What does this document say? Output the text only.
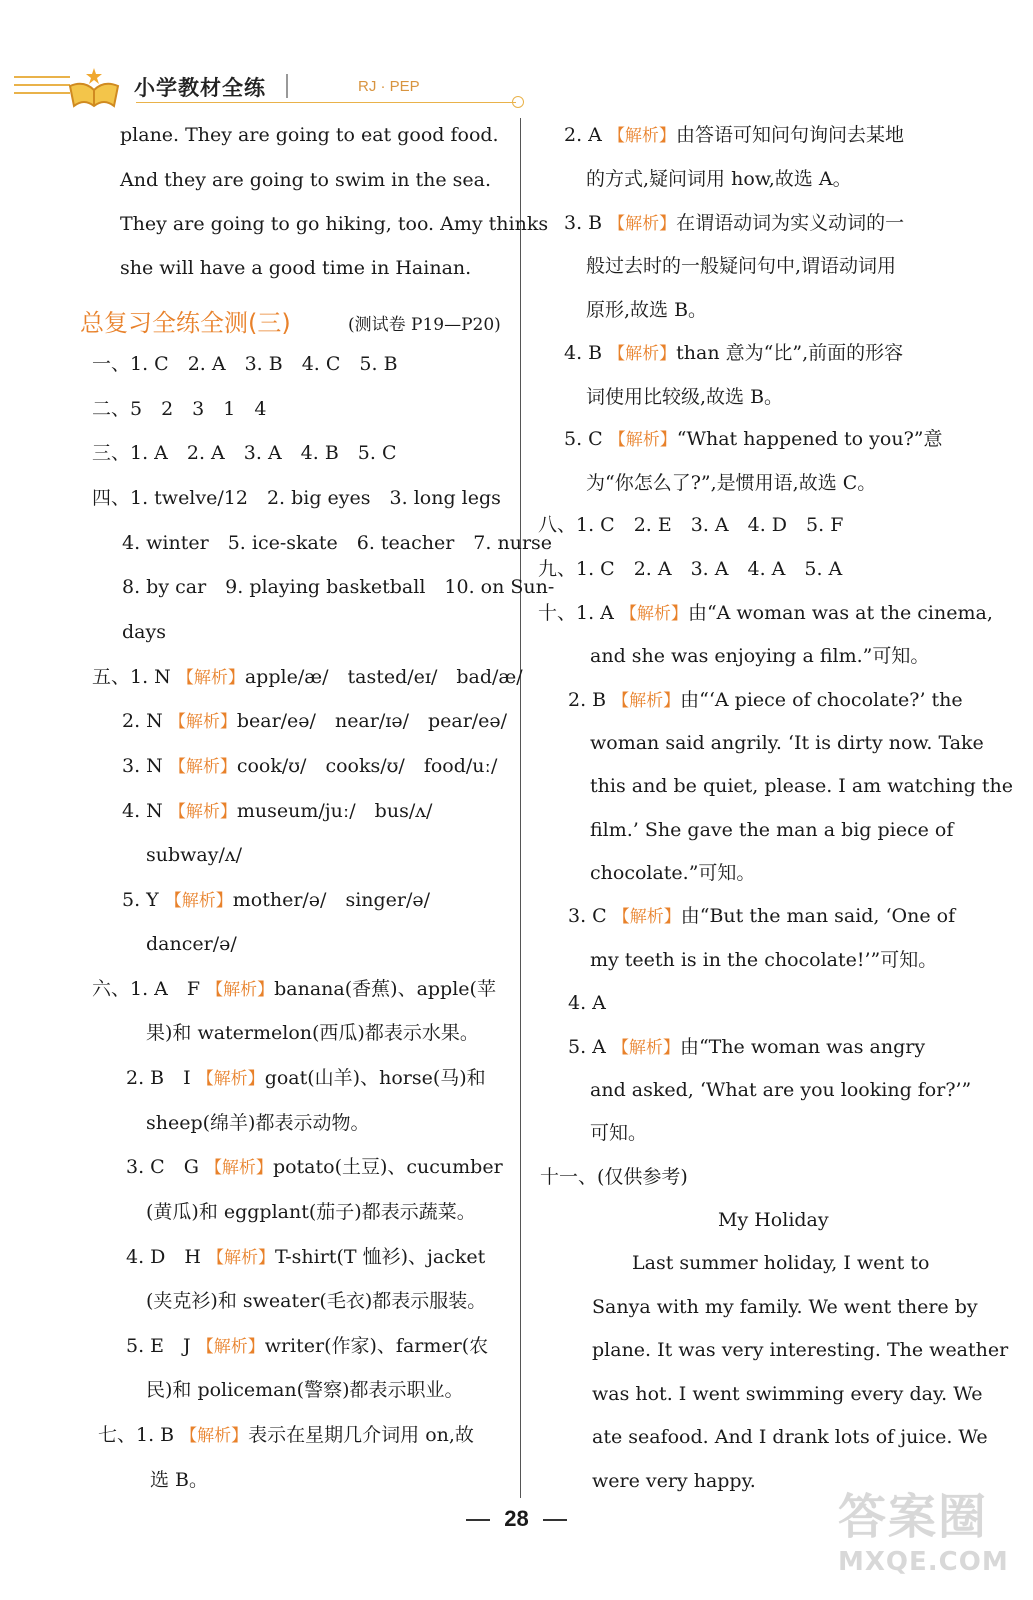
小学教材全练	RJ · PEP
总复习全练全测(三)	(测试卷 P19—P20)
plane. They are going to eat good food.
And they are going to swim in the sea.
They are going to go hiking, too. Amy thinks
she will have a good time in Hainan.
一、1. C　2. A　3. B　4. C　5. B
二、5　2　3　1　4
三、1. A　2. A　3. A　4. B　5. C
四、1. twelve/12　2. big eyes　3. long legs
4. winter　5. ice-skate　6. teacher　7. nurse
8. by car　9. playing basketball　10. on Sun-
days
五、1. N 【解析】apple/æ/　tasted/eɪ/　bad/æ/
2. N 【解析】bear/eə/　near/ɪə/　pear/eə/
3. N 【解析】cook/ʊ/　cooks/ʊ/　food/uː/
4. N 【解析】museum/juː/　bus/ʌ/
subway/ʌ/
5. Y 【解析】mother/ə/　singer/ə/
dancer/ə/
六、1. A　F 【解析】banana(香蕉)、apple(苹
果)和 watermelon(西瓜)都表示水果。
2. B　I 【解析】goat(山羊)、horse(马)和
sheep(绵羊)都表示动物。
3. C　G 【解析】potato(土豆)、cucumber
(黄瓜)和 eggplant(茄子)都表示蔬菜。
4. D　H 【解析】T-shirt(T 恤衫)、jacket
(夹克衫)和 sweater(毛衣)都表示服装。
5. E　J 【解析】writer(作家)、farmer(农
民)和 policeman(警察)都表示职业。
七、1. B 【解析】表示在星期几介词用 on,故
选 B。
2. A 【解析】由答语可知问句询问去某地
的方式,疑问词用 how,故选 A。
3. B 【解析】在谓语动词为实义动词的一
般过去时的一般疑问句中,谓语动词用
原形,故选 B。
4. B 【解析】than 意为“比”,前面的形容
词使用比较级,故选 B。
5. C 【解析】“What happened to you?”意
为“你怎么了?”,是惯用语,故选 C。
八、1. C　2. E　3. A　4. D　5. F
九、1. C　2. A　3. A　4. A　5. A
十、1. A 【解析】由“A woman was at the cinema,
and she was enjoying a film.”可知。
2. B 【解析】由“‘A piece of chocolate?’ the
woman said angrily. ‘It is dirty now. Take
this and be quiet, please. I am watching the
film.’ She gave the man a big piece of
chocolate.”可知。
3. C 【解析】由“But the man said, ‘One of
my teeth is in the chocolate!’”可知。
4. A
5. A 【解析】由“The woman was angry
and asked, ‘What are you looking for?’”
可知。
十一、(仅供参考)
My Holiday
Last summer holiday, I went to
Sanya with my family. We went there by
plane. It was very interesting. The weather
was hot. I went swimming every day. We
ate seafood. And I drank lots of juice. We
were very happy.
28	答案圈
MXQE.COM
